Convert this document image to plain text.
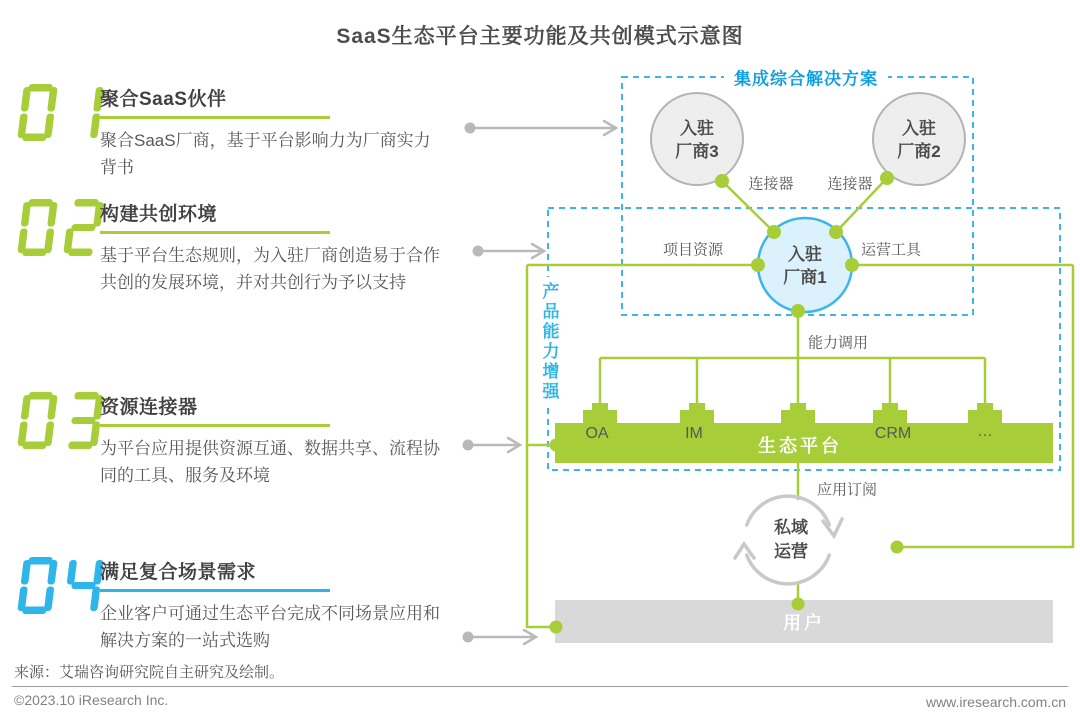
SaaS生态平台主要功能及共创模式示意图
聚合SaaS伙伴
聚合SaaS厂商，基于平台影响力为厂商实力背书
构建共创环境
基于平台生态规则，为入驻厂商创造易于合作共创的发展环境，并对共创行为予以支持
资源连接器
为平台应用提供资源互通、数据共享、流程协同的工具、服务及环境
满足复合场景需求
企业客户可通过生态平台完成不同场景应用和解决方案的一站式选购
集成综合解决方案
入驻
厂商3
入驻
厂商2
入驻
厂商1
连接器 连接器
项目资源	运营工具
能力调用
产品能力增强
OA	IM	CRM	…
生态平台
应用订阅
私域
运营
用户
来源：艾瑞咨询研究院自主研究及绘制。
©2023.10 iResearch Inc.	www.iresearch.com.cn
